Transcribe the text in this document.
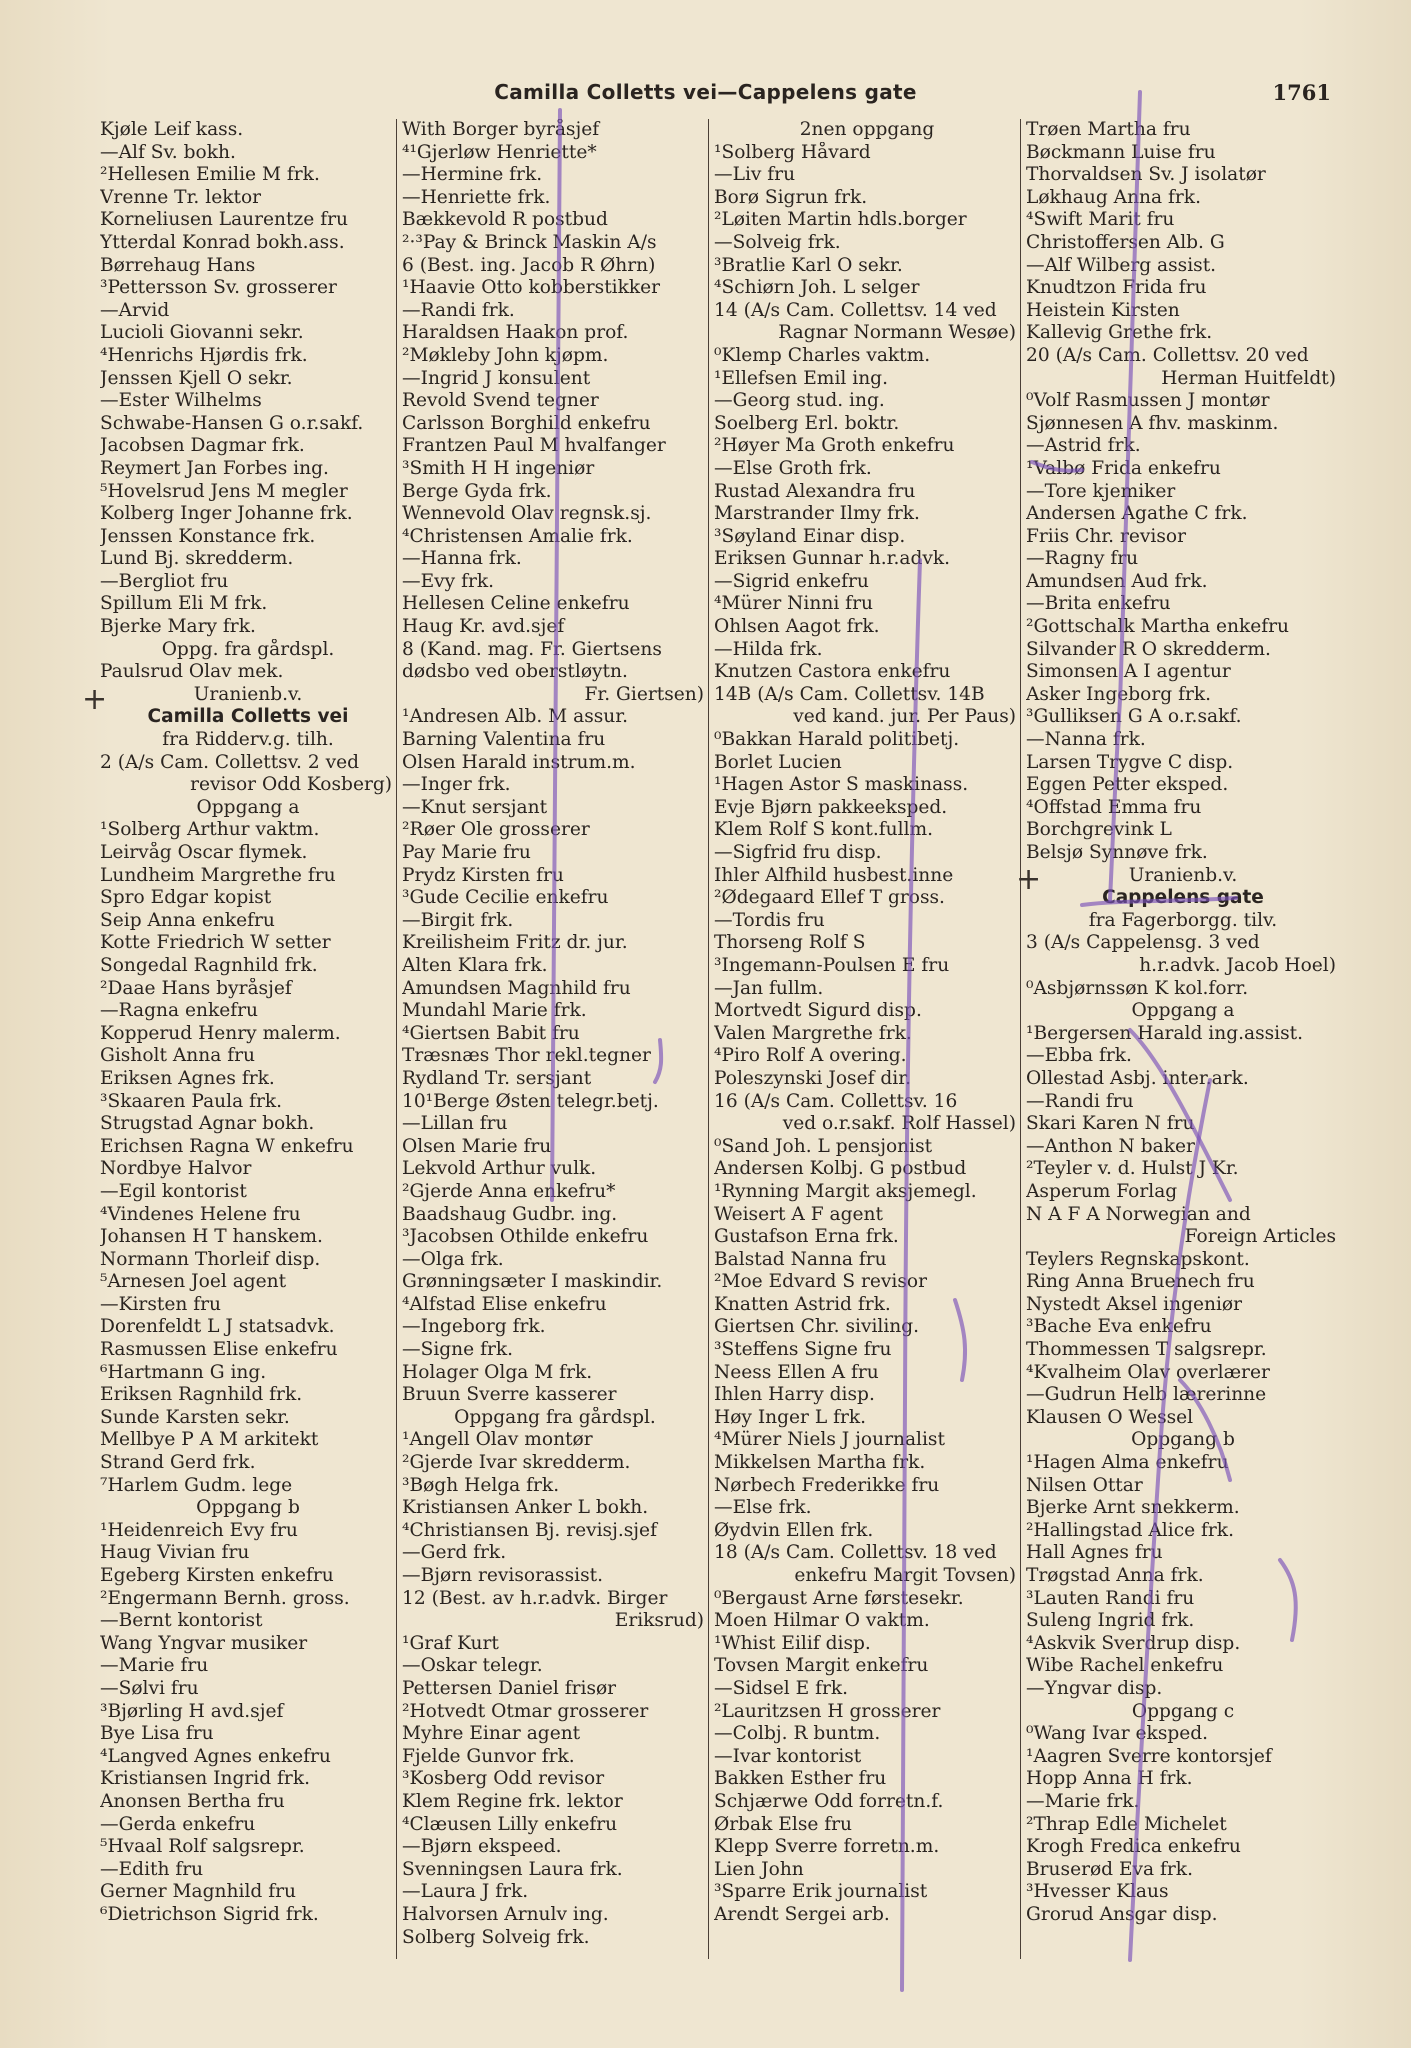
Camilla Colletts vei—Cappelens gate	1761
Kjøle Leif kass.
—Alf Sv. bokh.
²Hellesen Emilie M frk.
Vrenne Tr. lektor
Korneliusen Laurentze fru
Ytterdal Konrad bokh.ass.
Børrehaug Hans
³Pettersson Sv. grosserer
—Arvid
Lucioli Giovanni sekr.
⁴Henrichs Hjørdis frk.
Jenssen Kjell O sekr.
—Ester Wilhelms
Schwabe-Hansen G o.r.sakf.
Jacobsen Dagmar frk.
Reymert Jan Forbes ing.
⁵Hovelsrud Jens M megler
Kolberg Inger Johanne frk.
Jenssen Konstance frk.
Lund Bj. skredderm.
—Bergliot fru
Spillum Eli M frk.
Bjerke Mary frk.
Oppg. fra gårdspl.
Paulsrud Olav mek.
Uranienb.v.
Camilla Colletts vei
fra Ridderv.g. tilh.
2 (A/s Cam. Collettsv. 2 ved
revisor Odd Kosberg)
Oppgang a
¹Solberg Arthur vaktm.
Leirvåg Oscar flymek.
Lundheim Margrethe fru
Spro Edgar kopist
Seip Anna enkefru
Kotte Friedrich W setter
Songedal Ragnhild frk.
²Daae Hans byråsjef
—Ragna enkefru
Kopperud Henry malerm.
Gisholt Anna fru
Eriksen Agnes frk.
³Skaaren Paula frk.
Strugstad Agnar bokh.
Erichsen Ragna W enkefru
Nordbye Halvor
—Egil kontorist
⁴Vindenes Helene fru
Johansen H T hanskem.
Normann Thorleif disp.
⁵Arnesen Joel agent
—Kirsten fru
Dorenfeldt L J statsadvk.
Rasmussen Elise enkefru
⁶Hartmann G ing.
Eriksen Ragnhild frk.
Sunde Karsten sekr.
Mellbye P A M arkitekt
Strand Gerd frk.
⁷Harlem Gudm. lege
Oppgang b
¹Heidenreich Evy fru
Haug Vivian fru
Egeberg Kirsten enkefru
²Engermann Bernh. gross.
—Bernt kontorist
Wang Yngvar musiker
—Marie fru
—Sølvi fru
³Bjørling H avd.sjef
Bye Lisa fru
⁴Langved Agnes enkefru
Kristiansen Ingrid frk.
Anonsen Bertha fru
—Gerda enkefru
⁵Hvaal Rolf salgsrepr.
—Edith fru
Gerner Magnhild fru
⁶Dietrichson Sigrid frk.
With Borger byråsjef
⁴¹Gjerløw Henriette*
—Hermine frk.
—Henriette frk.
Bækkevold R postbud
²·³Pay & Brinck Maskin A/s
6 (Best. ing. Jacob R Øhrn)
¹Haavie Otto kobberstikker
—Randi frk.
Haraldsen Haakon prof.
²Møkleby John kjøpm.
—Ingrid J konsulent
Revold Svend tegner
Carlsson Borghild enkefru
Frantzen Paul M hvalfanger
³Smith H H ingeniør
Berge Gyda frk.
Wennevold Olav regnsk.sj.
⁴Christensen Amalie frk.
—Hanna frk.
—Evy frk.
Hellesen Celine enkefru
Haug Kr. avd.sjef
8 (Kand. mag. Fr. Giertsens
dødsbo ved oberstløytn.
Fr. Giertsen)
¹Andresen Alb. M assur.
Barning Valentina fru
Olsen Harald instrum.m.
—Inger frk.
—Knut sersjant
²Røer Ole grosserer
Pay Marie fru
Prydz Kirsten fru
³Gude Cecilie enkefru
—Birgit frk.
Kreilisheim Fritz dr. jur.
Alten Klara frk.
Amundsen Magnhild fru
Mundahl Marie frk.
⁴Giertsen Babit fru
Træsnæs Thor rekl.tegner
Rydland Tr. sersjant
10¹Berge Østen telegr.betj.
—Lillan fru
Olsen Marie fru
Lekvold Arthur vulk.
²Gjerde Anna enkefru*
Baadshaug Gudbr. ing.
³Jacobsen Othilde enkefru
—Olga frk.
Grønningsæter I maskindir.
⁴Alfstad Elise enkefru
—Ingeborg frk.
—Signe frk.
Holager Olga M frk.
Bruun Sverre kasserer
Oppgang fra gårdspl.
¹Angell Olav montør
²Gjerde Ivar skredderm.
³Bøgh Helga frk.
Kristiansen Anker L bokh.
⁴Christiansen Bj. revisj.sjef
—Gerd frk.
—Bjørn revisorassist.
12 (Best. av h.r.advk. Birger
Eriksrud)
¹Graf Kurt
—Oskar telegr.
Pettersen Daniel frisør
²Hotvedt Otmar grosserer
Myhre Einar agent
Fjelde Gunvor frk.
³Kosberg Odd revisor
Klem Regine frk. lektor
⁴Clæusen Lilly enkefru
—Bjørn ekspeed.
Svenningsen Laura frk.
—Laura J frk.
Halvorsen Arnulv ing.
Solberg Solveig frk.
2nen oppgang
¹Solberg Håvard
—Liv fru
Borø Sigrun frk.
²Løiten Martin hdls.borger
—Solveig frk.
³Bratlie Karl O sekr.
⁴Schiørn Joh. L selger
14 (A/s Cam. Collettsv. 14 ved
Ragnar Normann Wesøe)
⁰Klemp Charles vaktm.
¹Ellefsen Emil ing.
—Georg stud. ing.
Soelberg Erl. boktr.
²Høyer Ma Groth enkefru
—Else Groth frk.
Rustad Alexandra fru
Marstrander Ilmy frk.
³Søyland Einar disp.
Eriksen Gunnar h.r.advk.
—Sigrid enkefru
⁴Mürer Ninni fru
Ohlsen Aagot frk.
—Hilda frk.
Knutzen Castora enkefru
14B (A/s Cam. Collettsv. 14B
ved kand. jur. Per Paus)
⁰Bakkan Harald politibetj.
Borlet Lucien
¹Hagen Astor S maskinass.
Evje Bjørn pakkeeksped.
Klem Rolf S kont.fullm.
—Sigfrid fru disp.
Ihler Alfhild husbest.inne
²Ødegaard Ellef T gross.
—Tordis fru
Thorseng Rolf S
³Ingemann-Poulsen E fru
—Jan fullm.
Mortvedt Sigurd disp.
Valen Margrethe frk.
⁴Piro Rolf A overing.
Poleszynski Josef dir.
16 (A/s Cam. Collettsv. 16
ved o.r.sakf. Rolf Hassel)
⁰Sand Joh. L pensjonist
Andersen Kolbj. G postbud
¹Rynning Margit aksjemegl.
Weisert A F agent
Gustafson Erna frk.
Balstad Nanna fru
²Moe Edvard S revisor
Knatten Astrid frk.
Giertsen Chr. siviling.
³Steffens Signe fru
Neess Ellen A fru
Ihlen Harry disp.
Høy Inger L frk.
⁴Mürer Niels J journalist
Mikkelsen Martha frk.
Nørbech Frederikke fru
—Else frk.
Øydvin Ellen frk.
18 (A/s Cam. Collettsv. 18 ved
enkefru Margit Tovsen)
⁰Bergaust Arne førstesekr.
Moen Hilmar O vaktm.
¹Whist Eilif disp.
Tovsen Margit enkefru
—Sidsel E frk.
²Lauritzsen H grosserer
—Colbj. R buntm.
—Ivar kontorist
Bakken Esther fru
Schjærwe Odd forretn.f.
Ørbak Else fru
Klepp Sverre forretn.m.
Lien John
³Sparre Erik journalist
Arendt Sergei arb.
Trøen Martha fru
Bøckmann Luise fru
Thorvaldsen Sv. J isolatør
Løkhaug Anna frk.
⁴Swift Marit fru
Christoffersen Alb. G
—Alf Wilberg assist.
Knudtzon Frida fru
Heistein Kirsten
Kallevig Grethe frk.
20 (A/s Cam. Collettsv. 20 ved
Herman Huitfeldt)
⁰Volf Rasmussen J montør
Sjønnesen A fhv. maskinm.
—Astrid frk.
¹Valbø Frida enkefru
—Tore kjemiker
Andersen Agathe C frk.
Friis Chr. revisor
—Ragny fru
Amundsen Aud frk.
—Brita enkefru
²Gottschalk Martha enkefru
Silvander R O skredderm.
Simonsen A I agentur
Asker Ingeborg frk.
³Gulliksen G A o.r.sakf.
—Nanna frk.
Larsen Trygve C disp.
Eggen Petter eksped.
⁴Offstad Emma fru
Borchgrevink L
Belsjø Synnøve frk.
Uranienb.v.
Cappelens gate
fra Fagerborgg. tilv.
3 (A/s Cappelensg. 3 ved
h.r.advk. Jacob Hoel)
⁰Asbjørnssøn K kol.forr.
Oppgang a
¹Bergersen Harald ing.assist.
—Ebba frk.
Ollestad Asbj. inter.ark.
—Randi fru
Skari Karen N fru
—Anthon N baker
²Teyler v. d. Hulst J Kr.
Asperum Forlag
N A F A Norwegian and
Foreign Articles
Teylers Regnskapskont.
Ring Anna Bruenech fru
Nystedt Aksel ingeniør
³Bache Eva enkefru
Thommessen T salgsrepr.
⁴Kvalheim Olav overlærer
—Gudrun Helb lærerinne
Klausen O Wessel
Oppgang b
¹Hagen Alma enkefru
Nilsen Ottar
Bjerke Arnt snekkerm.
²Hallingstad Alice frk.
Hall Agnes fru
Trøgstad Anna frk.
³Lauten Randi fru
Suleng Ingrid frk.
⁴Askvik Sverdrup disp.
Wibe Rachel enkefru
—Yngvar disp.
Oppgang c
⁰Wang Ivar eksped.
¹Aagren Sverre kontorsjef
Hopp Anna H frk.
—Marie frk.
²Thrap Edle Michelet
Krogh Fredica enkefru
Bruserød Eva frk.
³Hvesser Klaus
Grorud Ansgar disp.
+
+
